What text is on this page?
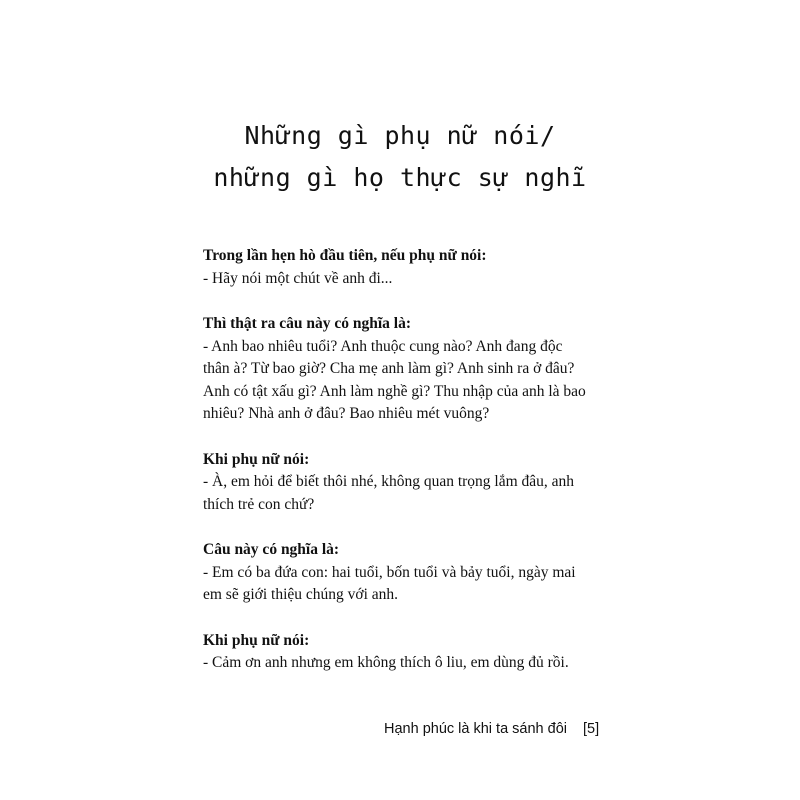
Những gì phụ nữ nói/
những gì họ thực sự nghĩ
Trong lần hẹn hò đầu tiên, nếu phụ nữ nói:
- Hãy nói một chút về anh đi...
Thì thật ra câu này có nghĩa là:
- Anh bao nhiêu tuổi? Anh thuộc cung nào? Anh đang độc
thân à? Từ bao giờ? Cha mẹ anh làm gì? Anh sinh ra ở đâu?
Anh có tật xấu gì? Anh làm nghề gì? Thu nhập của anh là bao
nhiêu? Nhà anh ở đâu? Bao nhiêu mét vuông?
Khi phụ nữ nói:
- À, em hỏi để biết thôi nhé, không quan trọng lắm đâu, anh
thích trẻ con chứ?
Câu này có nghĩa là:
- Em có ba đứa con: hai tuổi, bốn tuổi và bảy tuổi, ngày mai
em sẽ giới thiệu chúng với anh.
Khi phụ nữ nói:
- Cảm ơn anh nhưng em không thích ô liu, em dùng đủ rồi.
Hạnh phúc là khi ta sánh đôi [5]
